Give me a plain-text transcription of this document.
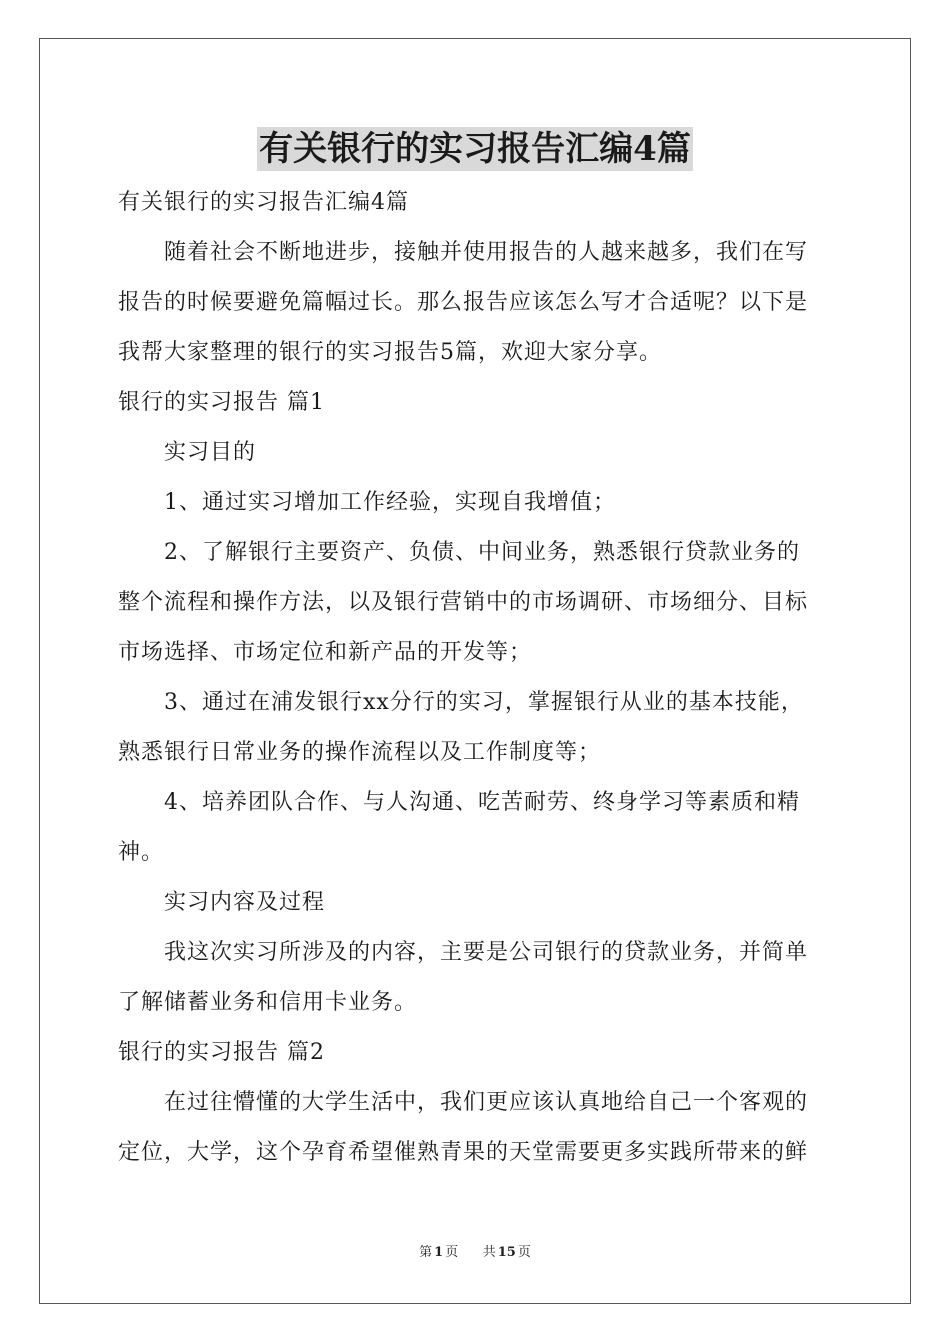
有关银行的实习报告汇编4篇
有关银行的实习报告汇编4篇
随着社会不断地进步，接触并使用报告的人越来越多，我们在写
报告的时候要避免篇幅过长。那么报告应该怎么写才合适呢？以下是
我帮大家整理的银行的实习报告5篇，欢迎大家分享。
银行的实习报告 篇1
实习目的
1、通过实习增加工作经验，实现自我增值；
2、了解银行主要资产、负债、中间业务，熟悉银行贷款业务的
整个流程和操作方法，以及银行营销中的市场调研、市场细分、目标
市场选择、市场定位和新产品的开发等；
3、通过在浦发银行xx分行的实习，掌握银行从业的基本技能，
熟悉银行日常业务的操作流程以及工作制度等；
4、培养团队合作、与人沟通、吃苦耐劳、终身学习等素质和精
神。
实习内容及过程
我这次实习所涉及的内容，主要是公司银行的贷款业务，并简单
了解储蓄业务和信用卡业务。
银行的实习报告 篇2
在过往懵懂的大学生活中，我们更应该认真地给自己一个客观的
定位，大学，这个孕育希望催熟青果的天堂需要更多实践所带来的鲜
第 1 页 共 15 页
